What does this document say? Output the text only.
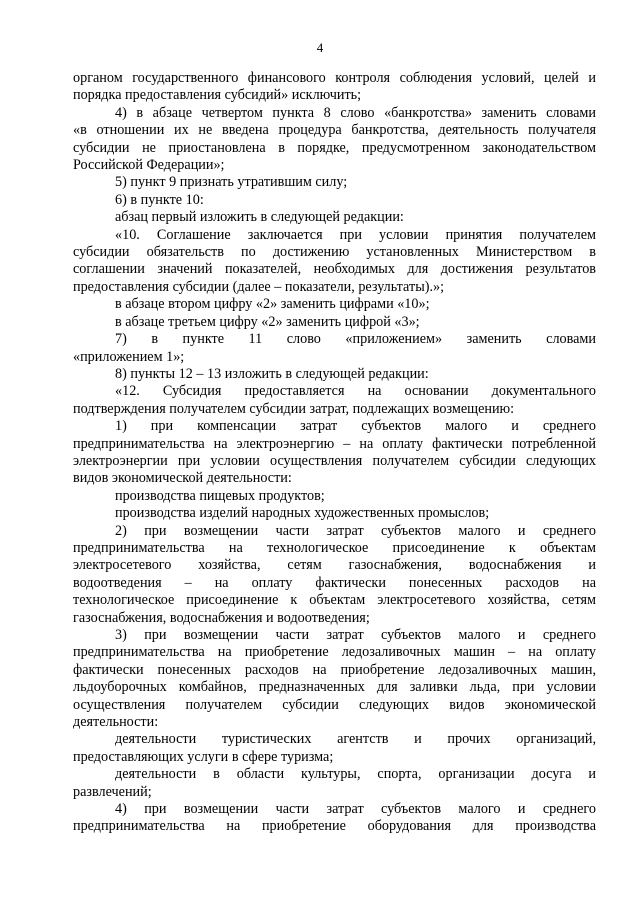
4
органом государственного финансового контроля соблюдения условий, целей и
порядка предоставления субсидий» исключить;
4) в абзаце четвертом пункта 8 слово «банкротства» заменить словами
«в отношении их не введена процедура банкротства, деятельность получателя
субсидии не приостановлена в порядке, предусмотренном законодательством
Российской Федерации»;
5) пункт 9 признать утратившим силу;
6) в пункте 10:
абзац первый изложить в следующей редакции:
«10. Соглашение заключается при условии принятия получателем
субсидии обязательств по достижению установленных Министерством в
соглашении значений показателей, необходимых для достижения результатов
предоставления субсидии (далее – показатели, результаты).»;
в абзаце втором цифру «2» заменить цифрами «10»;
в абзаце третьем цифру «2» заменить цифрой «3»;
7) в пункте 11 слово «приложением» заменить словами
«приложением 1»;
8) пункты 12 – 13 изложить в следующей редакции:
«12. Субсидия предоставляется на основании документального
подтверждения получателем субсидии затрат, подлежащих возмещению:
1) при компенсации затрат субъектов малого и среднего
предпринимательства на электроэнергию – на оплату фактически потребленной
электроэнергии при условии осуществления получателем субсидии следующих
видов экономической деятельности:
производства пищевых продуктов;
производства изделий народных художественных промыслов;
2) при возмещении части затрат субъектов малого и среднего
предпринимательства на технологическое присоединение к объектам
электросетевого хозяйства, сетям газоснабжения, водоснабжения и
водоотведения – на оплату фактически понесенных расходов на
технологическое присоединение к объектам электросетевого хозяйства, сетям
газоснабжения, водоснабжения и водоотведения;
3) при возмещении части затрат субъектов малого и среднего
предпринимательства на приобретение ледозаливочных машин – на оплату
фактически понесенных расходов на приобретение ледозаливочных машин,
льдоуборочных комбайнов, предназначенных для заливки льда, при условии
осуществления получателем субсидии следующих видов экономической
деятельности:
деятельности туристических агентств и прочих организаций,
предоставляющих услуги в сфере туризма;
деятельности в области культуры, спорта, организации досуга и
развлечений;
4) при возмещении части затрат субъектов малого и среднего
предпринимательства на приобретение оборудования для производства
